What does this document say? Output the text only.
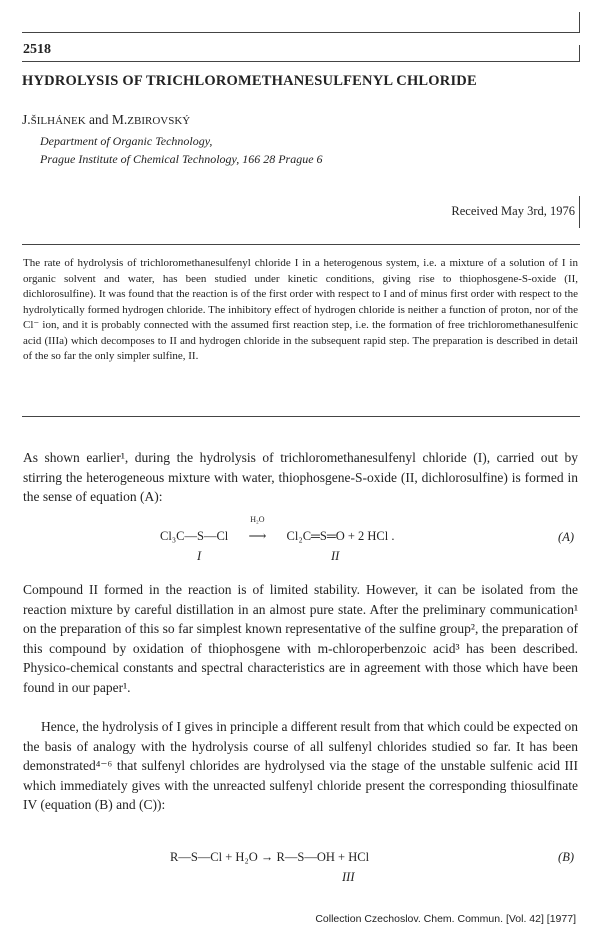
2518
HYDROLYSIS OF TRICHLOROMETHANESULFENYL CHLORIDE
J.ŠILHÁNEK and M.ZBIROVSKÝ
Department of Organic Technology,
Prague Institute of Chemical Technology, 166 28 Prague 6
Received May 3rd, 1976
The rate of hydrolysis of trichloromethanesulfenyl chloride I in a heterogenous system, i.e. a mixture of a solution of I in organic solvent and water, has been studied under kinetic conditions, giving rise to thiophosgene-S-oxide (II, dichlorosulfine). It was found that the reaction is of the first order with respect to I and of minus first order with respect to the hydrolytically formed hydrogen chloride. The inhibitory effect of hydrogen chloride is neither a function of proton, nor of the Cl⁻ ion, and it is probably connected with the assumed first reaction step, i.e. the formation of free trichloromethanesulfenic acid (IIIa) which decomposes to II and hydrogen chloride in the subsequent rapid step. The preparation is described in detail of the so far the only simpler sulfine, II.
As shown earlier¹, during the hydrolysis of trichloromethanesulfenyl chloride (I), carried out by stirring the heterogeneous mixture with water, thiophosgene-S-oxide (II, dichlorosulfine) is formed in the sense of equation (A):
Cl₃C—S—Cl
H₂O
⟶ Cl₂C═S═O + 2 HCl .	(A)
I	II
Compound II formed in the reaction is of limited stability. However, it can be isolated from the reaction mixture by careful distillation in an almost pure state. After the preliminary communication¹ on the preparation of this so far simplest known representative of the sulfine group², the preparation of this compound by oxidation of thiophosgene with m-chloroperbenzoic acid³ has been described. Physico-chemical constants and spectral characteristics are in agreement with those which have been found in our paper¹.
Hence, the hydrolysis of I gives in principle a different result from that which could be expected on the basis of analogy with the hydrolysis course of all sulfenyl chlorides studied so far. It has been demonstrated⁴⁻⁶ that sulfenyl chlorides are hydrolysed via the stage of the unstable sulfenic acid III which immediately gives with the unreacted sulfenyl chloride present the corresponding thiosulfinate IV (equation (B) and (C)):
R—S—Cl + H₂O → R—S—OH + HCl	(B)
III
Collection Czechoslov. Chem. Commun. [Vol. 42] [1977]
